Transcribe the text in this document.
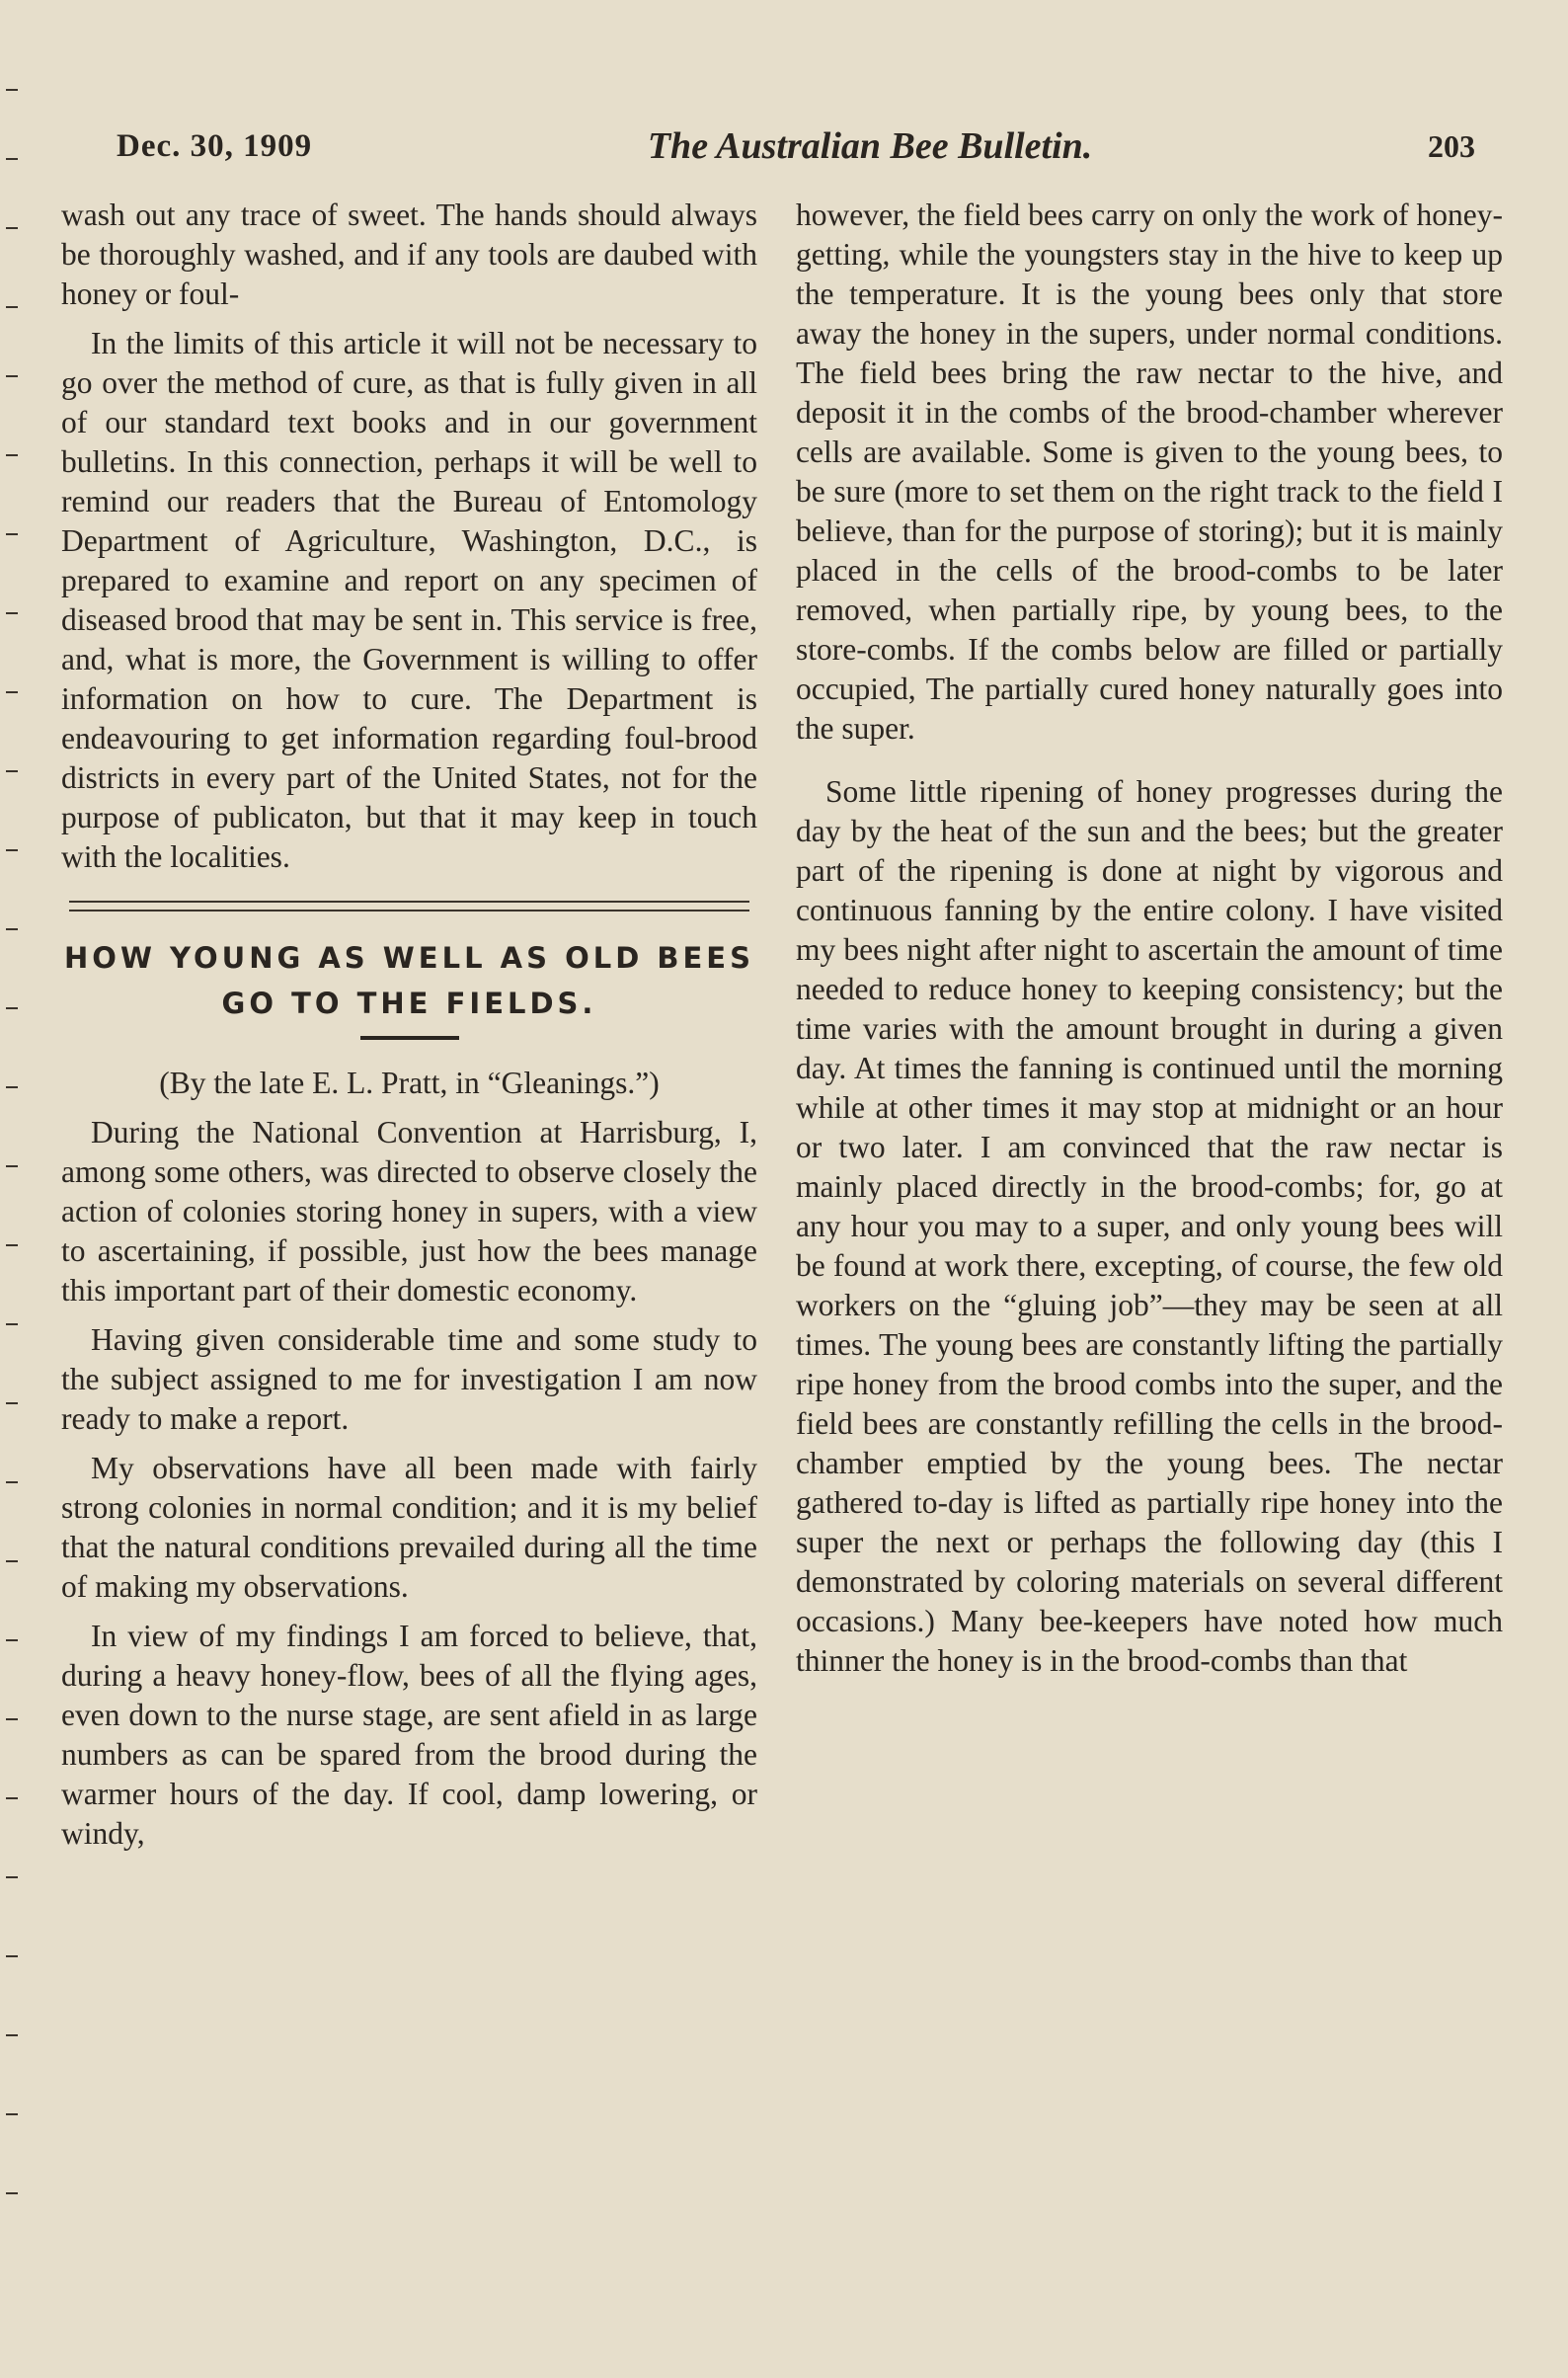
Dec. 30, 1909	The Australian Bee Bulletin.	203

wash out any trace of sweet. The hands should always be thoroughly washed, and if any tools are daubed with honey or foul-

In the limits of this article it will not be necessary to go over the method of cure, as that is fully given in all of our standard text books and in our government bulletins. In this connection, perhaps it will be well to remind our readers that the Bureau of Entomology Department of Agriculture, Washington, D.C., is prepared to examine and report on any specimen of diseased brood that may be sent in. This service is free, and, what is more, the Government is willing to offer information on how to cure. The Department is endeavouring to get information regarding foul-brood districts in every part of the United States, not for the purpose of publicaton, but that it may keep in touch with the localities.

HOW YOUNG AS WELL AS OLD BEES GO TO THE FIELDS.

(By the late E. L. Pratt, in “Gleanings.”)

During the National Convention at Harrisburg, I, among some others, was directed to observe closely the action of colonies storing honey in supers, with a view to ascertaining, if possible, just how the bees manage this important part of their domestic economy.

Having given considerable time and some study to the subject assigned to me for investigation I am now ready to make a report.

My observations have all been made with fairly strong colonies in normal condition; and it is my belief that the natural conditions prevailed during all the time of making my observations.

In view of my findings I am forced to believe, that, during a heavy honey-flow, bees of all the flying ages, even down to the nurse stage, are sent afield in as large numbers as can be spared from the brood during the warmer hours of the day. If cool, damp lowering, or windy,

however, the field bees carry on only the work of honey-getting, while the youngsters stay in the hive to keep up the temperature. It is the young bees only that store away the honey in the supers, under normal conditions. The field bees bring the raw nectar to the hive, and deposit it in the combs of the brood-chamber wherever cells are available. Some is given to the young bees, to be sure (more to set them on the right track to the field I believe, than for the purpose of storing); but it is mainly placed in the cells of the brood-combs to be later removed, when partially ripe, by young bees, to the store-combs. If the combs below are filled or partially occupied, The partially cured honey naturally goes into the super.

Some little ripening of honey progresses during the day by the heat of the sun and the bees; but the greater part of the ripening is done at night by vigorous and continuous fanning by the entire colony. I have visited my bees night after night to ascertain the amount of time needed to reduce honey to keeping consistency; but the time varies with the amount brought in during a given day. At times the fanning is continued until the morning while at other times it may stop at midnight or an hour or two later. I am convinced that the raw nectar is mainly placed directly in the brood-combs; for, go at any hour you may to a super, and only young bees will be found at work there, excepting, of course, the few old workers on the “gluing job”—they may be seen at all times. The young bees are constantly lifting the partially ripe honey from the brood combs into the super, and the field bees are constantly refilling the cells in the brood-chamber emptied by the young bees. The nectar gathered to-day is lifted as partially ripe honey into the super the next or perhaps the following day (this I demonstrated by coloring materials on several different occasions.) Many bee-keepers have noted how much thinner the honey is in the brood-combs than that
